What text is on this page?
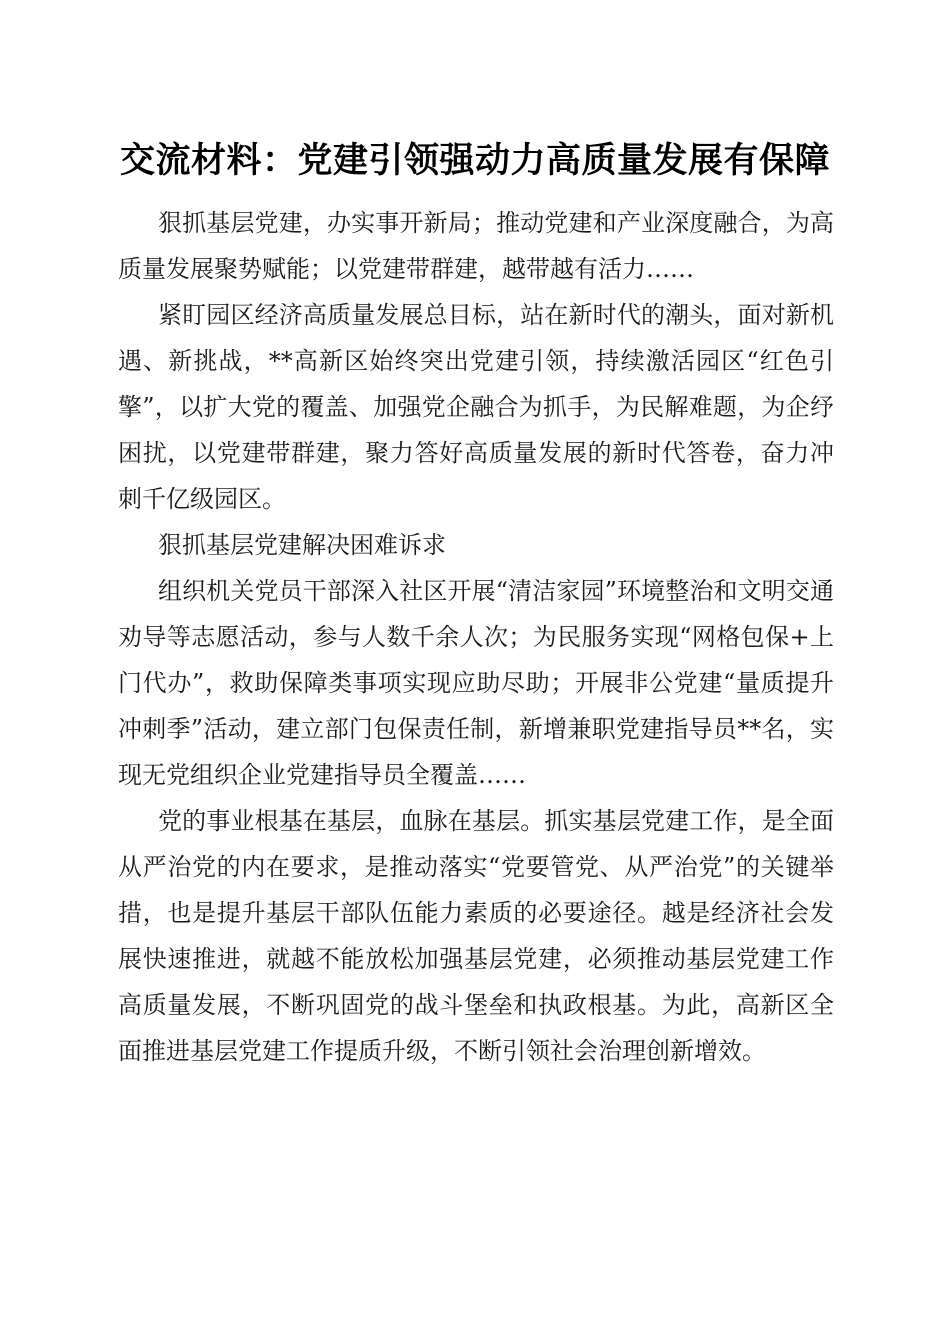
交流材料：党建引领强动力高质量发展有保障

狠抓基层党建，办实事开新局；推动党建和产业深度融合，为高质量发展聚势赋能；以党建带群建，越带越有活力……

紧盯园区经济高质量发展总目标，站在新时代的潮头，面对新机遇、新挑战，**高新区始终突出党建引领，持续激活园区“红色引擎”，以扩大党的覆盖、加强党企融合为抓手，为民解难题，为企纾困扰，以党建带群建，聚力答好高质量发展的新时代答卷，奋力冲刺千亿级园区。

狠抓基层党建解决困难诉求

组织机关党员干部深入社区开展“清洁家园”环境整治和文明交通劝导等志愿活动，参与人数千余人次；为民服务实现“网格包保+上门代办”，救助保障类事项实现应助尽助；开展非公党建“量质提升冲刺季”活动，建立部门包保责任制，新增兼职党建指导员**名，实现无党组织企业党建指导员全覆盖……

党的事业根基在基层，血脉在基层。抓实基层党建工作，是全面从严治党的内在要求，是推动落实“党要管党、从严治党”的关键举措，也是提升基层干部队伍能力素质的必要途径。越是经济社会发展快速推进，就越不能放松加强基层党建，必须推动基层党建工作高质量发展，不断巩固党的战斗堡垒和执政根基。为此，高新区全面推进基层党建工作提质升级，不断引领社会治理创新增效。
